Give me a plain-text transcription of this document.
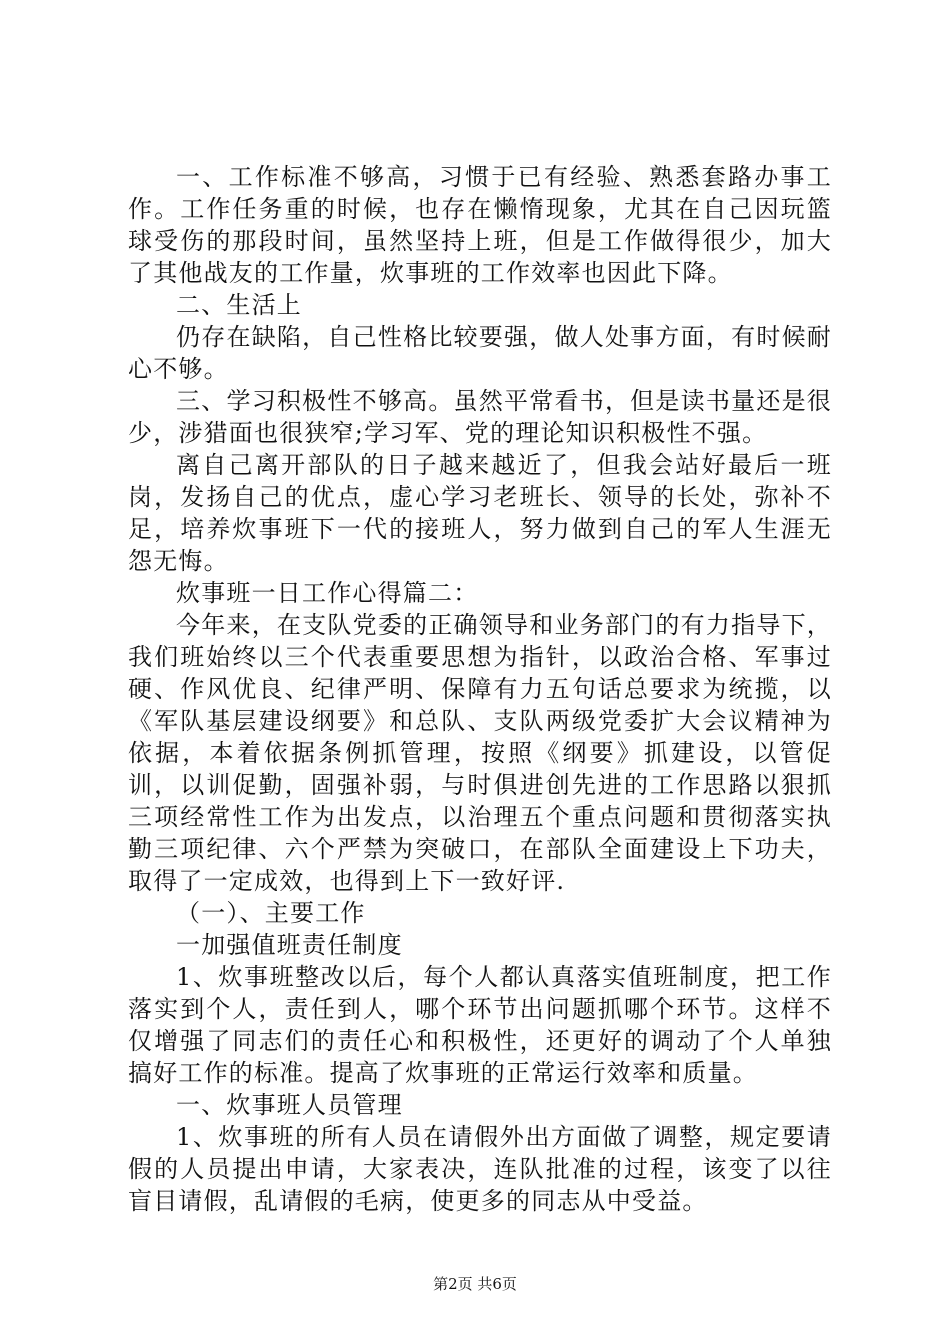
一、工作标准不够高，习惯于已有经验、熟悉套路办事工作。工作任务重的时候，也存在懒惰现象，尤其在自己因玩篮球受伤的那段时间，虽然坚持上班，但是工作做得很少，加大了其他战友的工作量，炊事班的工作效率也因此下降。

二、生活上

仍存在缺陷，自己性格比较要强，做人处事方面，有时候耐心不够。

三、学习积极性不够高。虽然平常看书，但是读书量还是很少，涉猎面也很狭窄;学习军、党的理论知识积极性不强。

离自己离开部队的日子越来越近了，但我会站好最后一班岗，发扬自己的优点，虚心学习老班长、领导的长处，弥补不足，培养炊事班下一代的接班人，努力做到自己的军人生涯无怨无悔。

炊事班一日工作心得篇二：

今年来，在支队党委的正确领导和业务部门的有力指导下，我们班始终以三个代表重要思想为指针，以政治合格、军事过硬、作风优良、纪律严明、保障有力五句话总要求为统揽，以《军队基层建设纲要》和总队、支队两级党委扩大会议精神为依据，本着依据条例抓管理，按照《纲要》抓建设，以管促训，以训促勤，固强补弱，与时俱进创先进的工作思路以狠抓三项经常性工作为出发点，以治理五个重点问题和贯彻落实执勤三项纪律、六个严禁为突破口，在部队全面建设上下功夫，取得了一定成效，也得到上下一致好评.

（一）、主要工作

一加强值班责任制度

1、炊事班整改以后，每个人都认真落实值班制度，把工作落实到个人，责任到人，哪个环节出问题抓哪个环节。这样不仅增强了同志们的责任心和积极性，还更好的调动了个人单独搞好工作的标准。提高了炊事班的正常运行效率和质量。

一、炊事班人员管理

1、炊事班的所有人员在请假外出方面做了调整，规定要请假的人员提出申请，大家表决，连队批准的过程，该变了以往盲目请假，乱请假的毛病，使更多的同志从中受益。

第2页 共6页
